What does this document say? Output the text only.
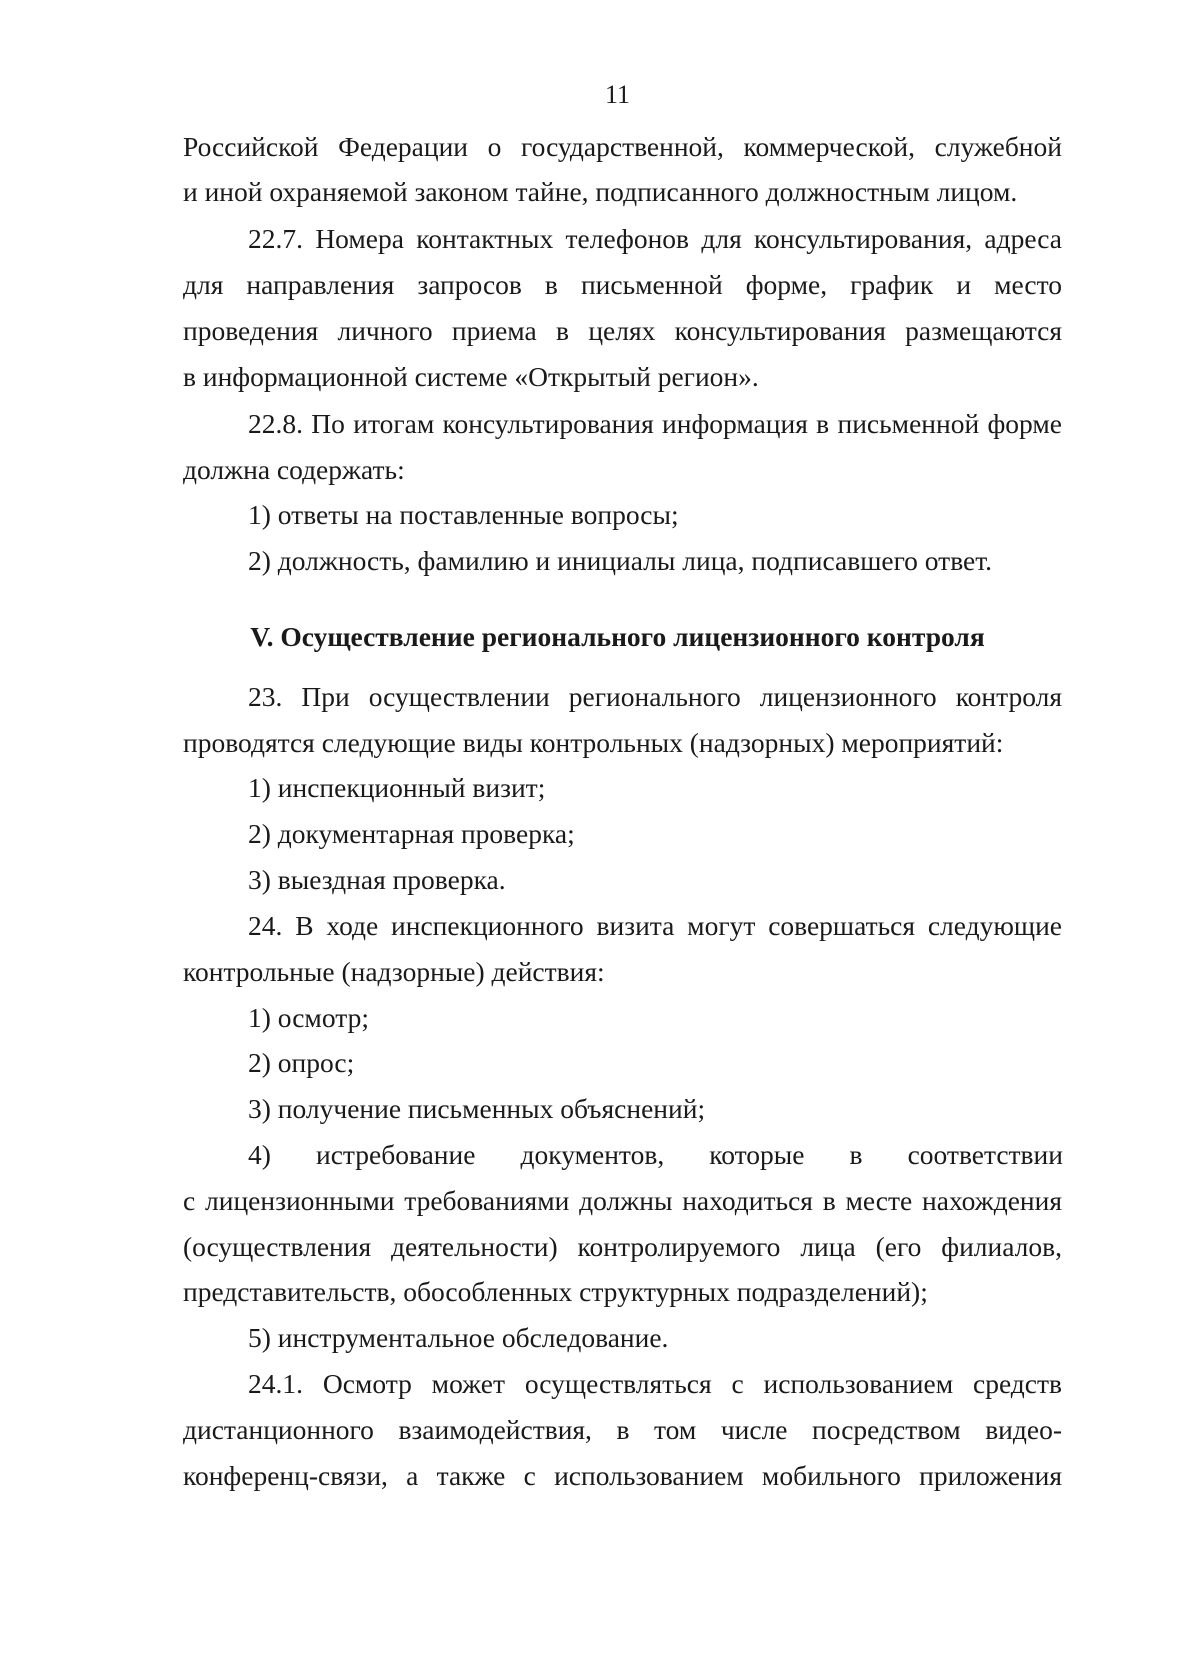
11
Российской Федерации о государственной, коммерческой, служебной
и иной охраняемой законом тайне, подписанного должностным лицом.
22.7. Номера контактных телефонов для консультирования, адреса
для направления запросов в письменной форме, график и место
проведения личного приема в целях консультирования размещаются
в информационной системе «Открытый регион».
22.8. По итогам консультирования информация в письменной форме
должна содержать:
1) ответы на поставленные вопросы;
2) должность, фамилию и инициалы лица, подписавшего ответ.
V. Осуществление регионального лицензионного контроля
23. При осуществлении регионального лицензионного контроля
проводятся следующие виды контрольных (надзорных) мероприятий:
1) инспекционный визит;
2) документарная проверка;
3) выездная проверка.
24. В ходе инспекционного визита могут совершаться следующие
контрольные (надзорные) действия:
1) осмотр;
2) опрос;
3) получение письменных объяснений;
4) истребование документов, которые в соответствии
с лицензионными требованиями должны находиться в месте нахождения
(осуществления деятельности) контролируемого лица (его филиалов,
представительств, обособленных структурных подразделений);
5) инструментальное обследование.
24.1. Осмотр может осуществляться с использованием средств
дистанционного взаимодействия, в том числе посредством видео-
конференц-связи, а также с использованием мобильного приложения
